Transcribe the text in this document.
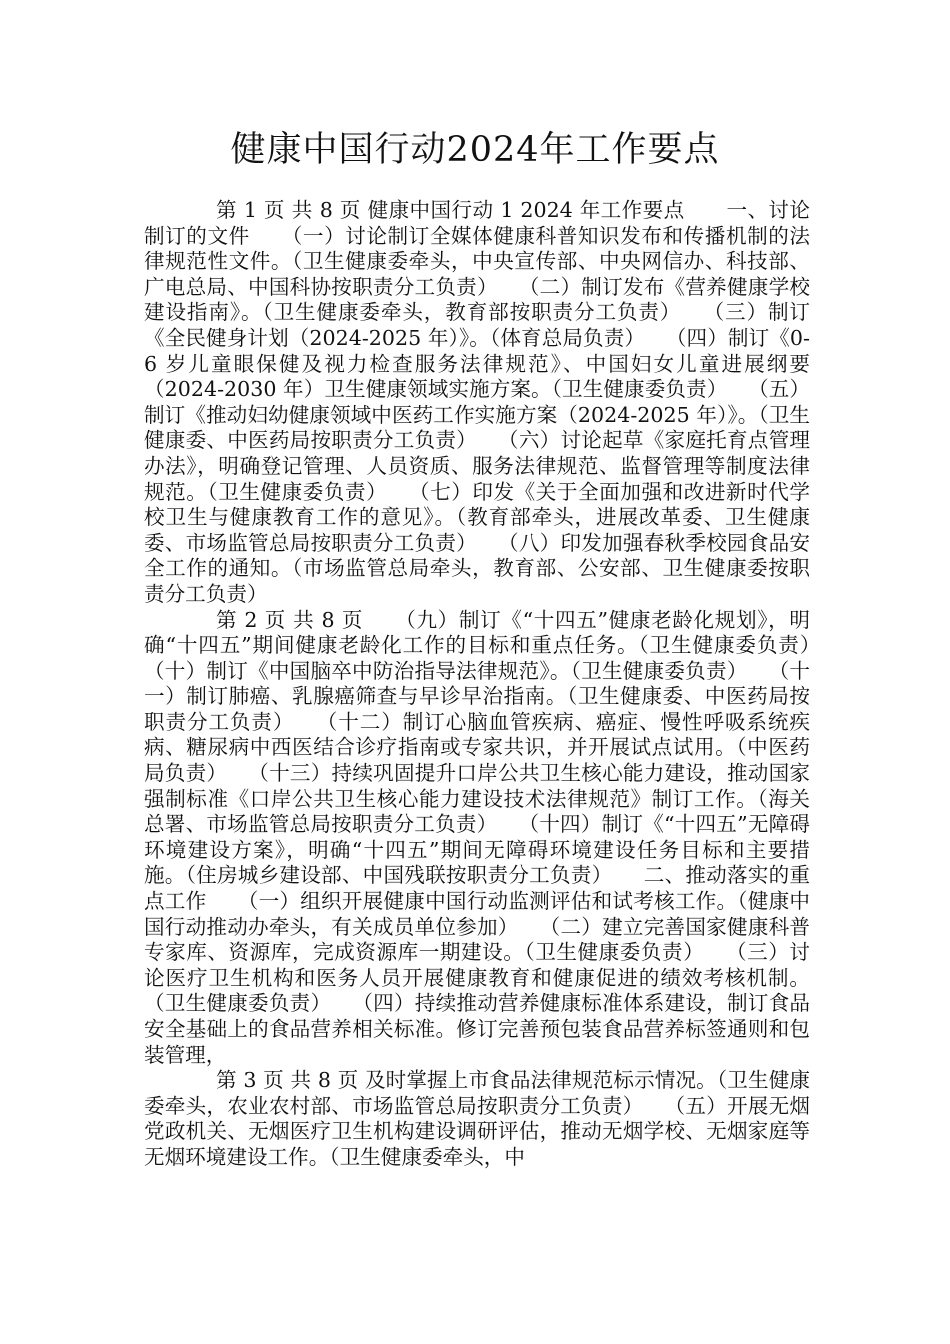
健康中国行动2024年工作要点

第 1 页 共 8 页 健康中国行动 1 2024 年工作要点　　一、讨论制订的文件　　（一）讨论制订全媒体健康科普知识发布和传播机制的法律规范性文件。（卫生健康委牵头，中央宣传部、中央网信办、科技部、广电总局、中国科协按职责分工负责）　　（二）制订发布《营养健康学校建设指南》。（卫生健康委牵头，教育部按职责分工负责）　　（三）制订《全民健身计划（2024-2025 年）》。（体育总局负责）　　（四）制订《0-6 岁儿童眼保健及视力检查服务法律规范》、中国妇女儿童进展纲要（2024-2030 年）卫生健康领域实施方案。（卫生健康委负责）　　（五）制订《推动妇幼健康领域中医药工作实施方案（2024-2025 年）》。（卫生健康委、中医药局按职责分工负责）　　（六）讨论起草《家庭托育点管理办法》，明确登记管理、人员资质、服务法律规范、监督管理等制度法律规范。（卫生健康委负责）　　（七）印发《关于全面加强和改进新时代学校卫生与健康教育工作的意见》。（教育部牵头，进展改革委、卫生健康委、市场监管总局按职责分工负责）　　（八）印发加强春秋季校园食品安全工作的通知。（市场监管总局牵头，教育部、公安部、卫生健康委按职责分工负责）

第 2 页 共 8 页　　（九）制订《“十四五”健康老龄化规划》，明确“十四五”期间健康老龄化工作的目标和重点任务。（卫生健康委负责）　　（十）制订《中国脑卒中防治指导法律规范》。（卫生健康委负责）　　（十一）制订肺癌、乳腺癌筛查与早诊早治指南。（卫生健康委、中医药局按职责分工负责）　　（十二）制订心脑血管疾病、癌症、慢性呼吸系统疾病、糖尿病中西医结合诊疗指南或专家共识，并开展试点试用。（中医药局负责）　　（十三）持续巩固提升口岸公共卫生核心能力建设，推动国家强制标准《口岸公共卫生核心能力建设技术法律规范》制订工作。（海关总署、市场监管总局按职责分工负责）　　（十四）制订《“十四五”无障碍环境建设方案》，明确“十四五”期间无障碍环境建设任务目标和主要措施。（住房城乡建设部、中国残联按职责分工负责）　　二、推动落实的重点工作　　（一）组织开展健康中国行动监测评估和试考核工作。（健康中国行动推动办牵头，有关成员单位参加）　　（二）建立完善国家健康科普专家库、资源库，完成资源库一期建设。（卫生健康委负责）　　（三）讨论医疗卫生机构和医务人员开展健康教育和健康促进的绩效考核机制。（卫生健康委负责）　　（四）持续推动营养健康标准体系建设，制订食品安全基础上的食品营养相关标准。修订完善预包装食品营养标签通则和包装管理，

第 3 页 共 8 页 及时掌握上市食品法律规范标示情况。（卫生健康委牵头，农业农村部、市场监管总局按职责分工负责）　　（五）开展无烟党政机关、无烟医疗卫生机构建设调研评估，推动无烟学校、无烟家庭等无烟环境建设工作。（卫生健康委牵头，中
